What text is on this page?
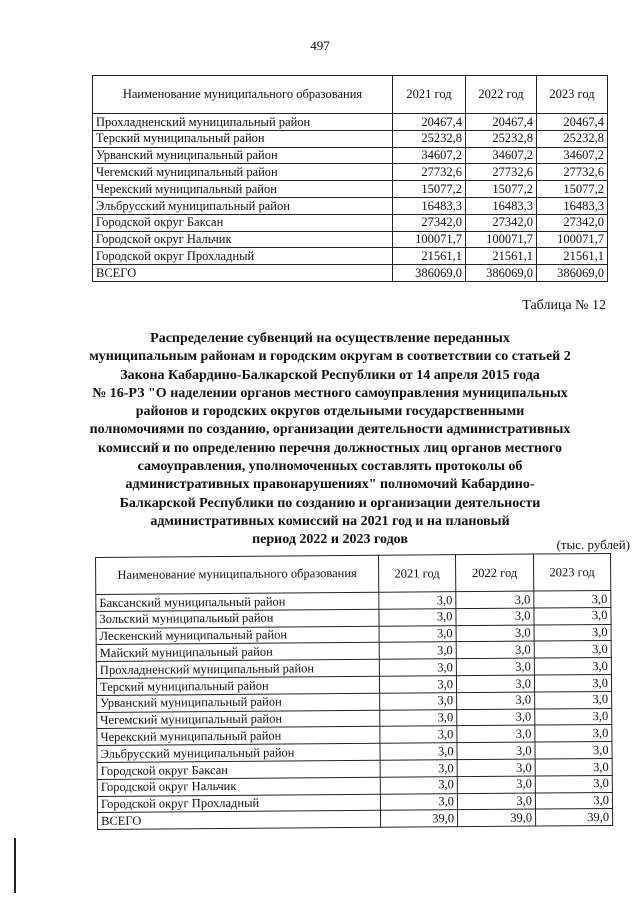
497
Наименование муниципального образования	2021 год	2022 год	2023 год
Прохладненский муниципальный район	20467,4	20467,4	20467,4
Терский муниципальный район	25232,8	25232,8	25232,8
Урванский муниципальный район	34607,2	34607,2	34607,2
Чегемский муниципальный район	27732,6	27732,6	27732,6
Черекский муниципальный район	15077,2	15077,2	15077,2
Эльбрусский муниципальный район	16483,3	16483,3	16483,3
Городской округ Баксан	27342,0	27342,0	27342,0
Городской округ Нальчик	100071,7	100071,7	100071,7
Городской округ Прохладный	21561,1	21561,1	21561,1
ВСЕГО	386069,0	386069,0	386069,0
Таблица № 12
Распределение субвенций на осуществление переданных
муниципальным районам и городским округам в соответствии со статьей 2
Закона Кабардино-Балкарской Республики от 14 апреля 2015 года
№ 16-РЗ "О наделении органов местного самоуправления муниципальных
районов и городских округов отдельными государственными
полномочиями по созданию, организации деятельности административных
комиссий и по определению перечня должностных лиц органов местного
самоуправления, уполномоченных составлять протоколы об
административных правонарушениях" полномочий Кабардино-
Балкарской Республики по созданию и организации деятельности
административных комиссий на 2021 год и на плановый
период 2022 и 2023 годов	(тыс. рублей)
Наименование муниципального образования	2021 год	2022 год	2023 год
Баксанский муниципальный район	3,0	3,0	3,0
Зольский муниципальный район	3,0	3,0	3,0
Лескенский муниципальный район	3,0	3,0	3,0
Майский муниципальный район	3,0	3,0	3,0
Прохладненский муниципальный район	3,0	3,0	3,0
Терский муниципальный район	3,0	3,0	3,0
Урванский муниципальный район	3,0	3,0	3,0
Чегемский муниципальный район	3,0	3,0	3,0
Черекский муниципальный район	3,0	3,0	3,0
Эльбрусский муниципальный район	3,0	3,0	3,0
Городской округ Баксан	3,0	3,0	3,0
Городской округ Нальчик	3,0	3,0	3,0
Городской округ Прохладный	3,0	3,0	3,0
ВСЕГО	39,0	39,0	39,0
